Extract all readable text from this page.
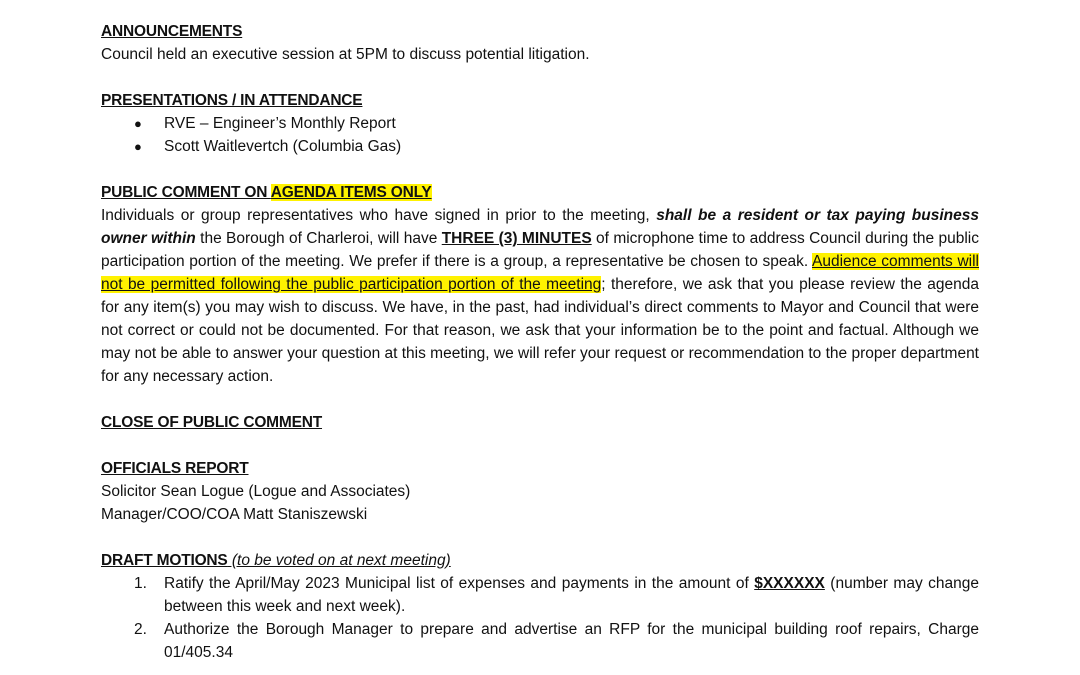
ANNOUNCEMENTS
Council held an executive session at 5PM to discuss potential litigation.
PRESENTATIONS / IN ATTENDANCE
● RVE – Engineer’s Monthly Report
● Scott Waitlevertch (Columbia Gas)
PUBLIC COMMENT ON AGENDA ITEMS ONLY
Individuals or group representatives who have signed in prior to the meeting, shall be a resident or tax paying business owner within the Borough of Charleroi, will have THREE (3) MINUTES of microphone time to address Council during the public participation portion of the meeting. We prefer if there is a group, a representative be chosen to speak. Audience comments will not be permitted following the public participation portion of the meeting; therefore, we ask that you please review the agenda for any item(s) you may wish to discuss. We have, in the past, had individual’s direct comments to Mayor and Council that were not correct or could not be documented. For that reason, we ask that your information be to the point and factual. Although we may not be able to answer your question at this meeting, we will refer your request or recommendation to the proper department for any necessary action.
CLOSE OF PUBLIC COMMENT
OFFICIALS REPORT
Solicitor Sean Logue (Logue and Associates)
Manager/COO/COA Matt Staniszewski
DRAFT MOTIONS (to be voted on at next meeting)
1. Ratify the April/May 2023 Municipal list of expenses and payments in the amount of $XXXXXX (number may change between this week and next week).
2. Authorize the Borough Manager to prepare and advertise an RFP for the municipal building roof repairs, Charge 01/405.34
